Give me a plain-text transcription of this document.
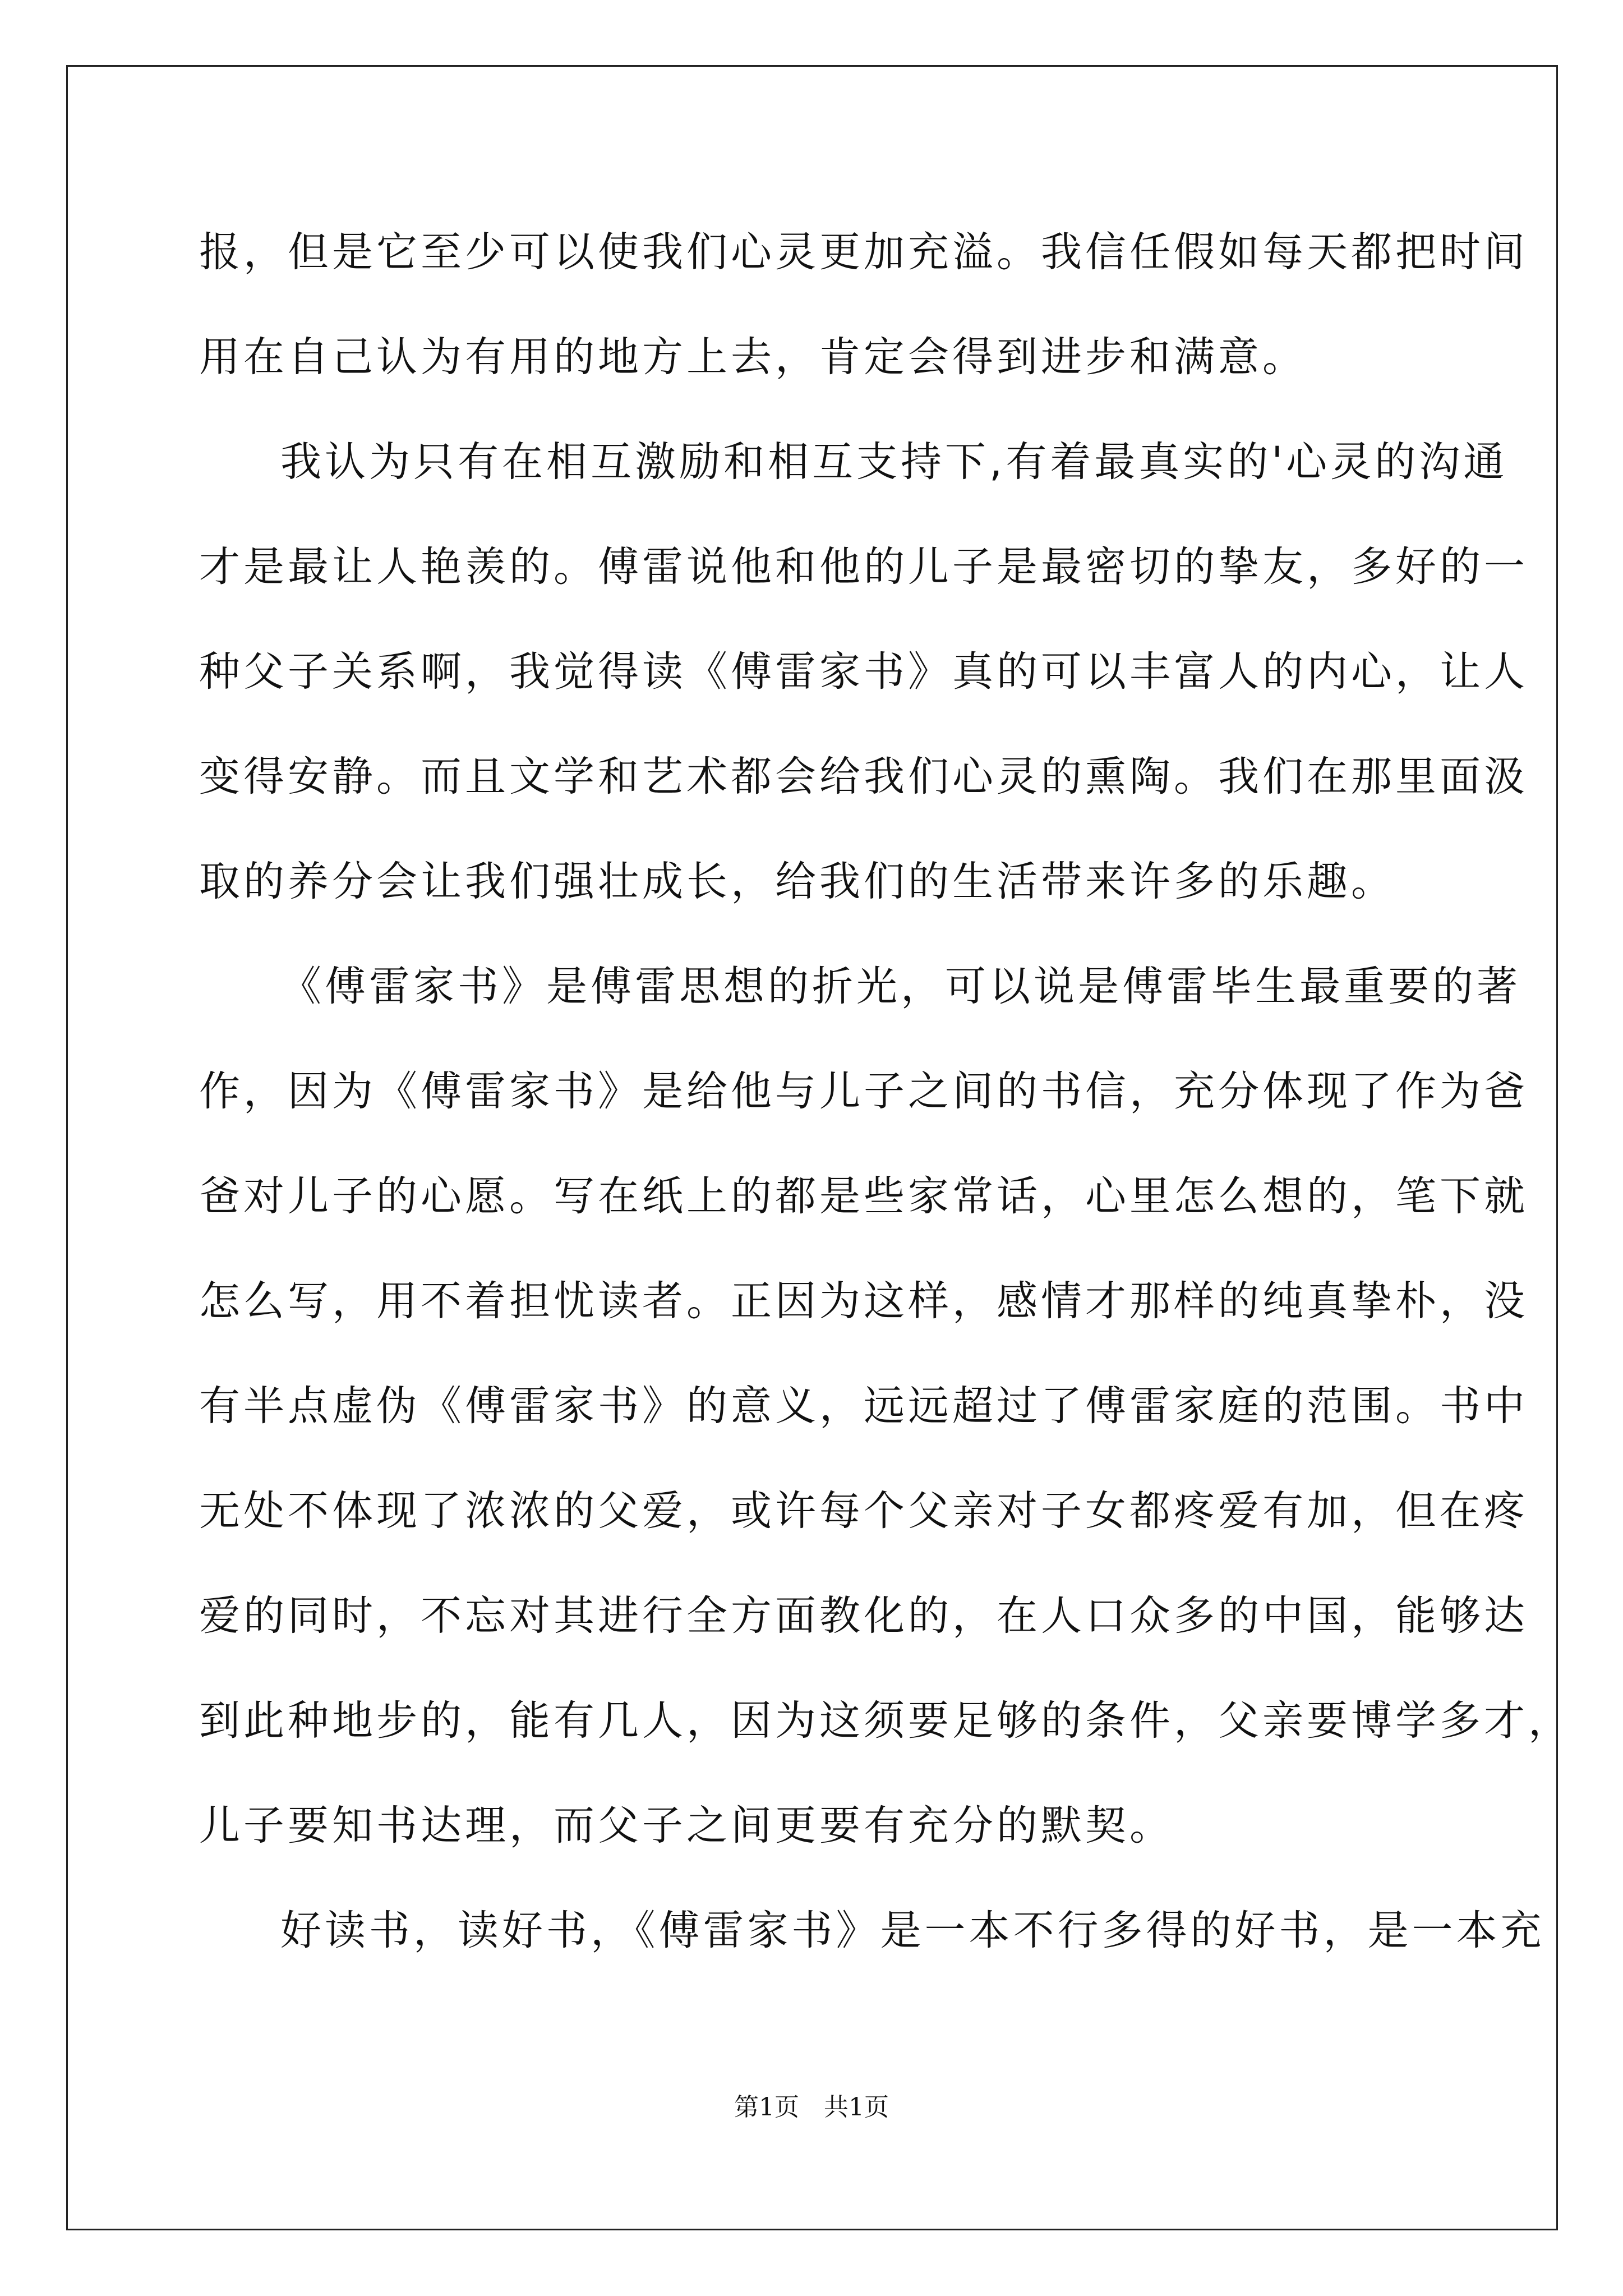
报，但是它至少可以使我们心灵更加充溢。我信任假如每天都把时间
用在自己认为有用的地方上去，肯定会得到进步和满意。
我认为只有在相互激励和相互支持下,有着最真实的'心灵的沟通
才是最让人艳羡的。傅雷说他和他的儿子是最密切的挚友，多好的一
种父子关系啊，我觉得读《傅雷家书》真的可以丰富人的内心，让人
变得安静。而且文学和艺术都会给我们心灵的熏陶。我们在那里面汲
取的养分会让我们强壮成长，给我们的生活带来许多的乐趣。
《傅雷家书》是傅雷思想的折光，可以说是傅雷毕生最重要的著
作，因为《傅雷家书》是给他与儿子之间的书信，充分体现了作为爸
爸对儿子的心愿。写在纸上的都是些家常话，心里怎么想的，笔下就
怎么写，用不着担忧读者。正因为这样，感情才那样的纯真挚朴，没
有半点虚伪《傅雷家书》的意义，远远超过了傅雷家庭的范围。书中
无处不体现了浓浓的父爱，或许每个父亲对子女都疼爱有加，但在疼
爱的同时，不忘对其进行全方面教化的，在人口众多的中国，能够达
到此种地步的，能有几人，因为这须要足够的条件，父亲要博学多才，
儿子要知书达理，而父子之间更要有充分的默契。
好读书，读好书，《傅雷家书》是一本不行多得的好书，是一本充
第1页　共1页
